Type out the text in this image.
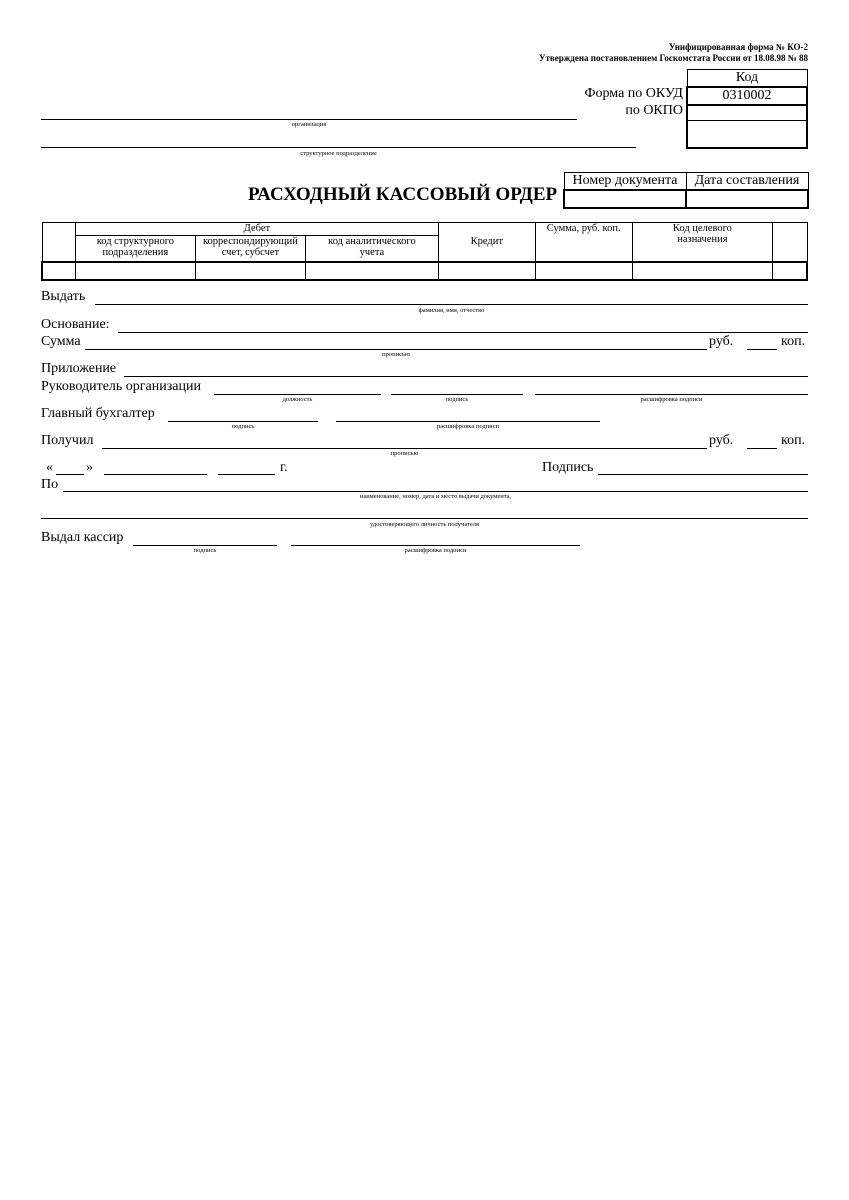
Унифицированная форма № КО-2
Утверждена постановлением Госкомстата России от 18.08.98 № 88
Форма по ОКУД
по ОКПО
Код
0310002

организация
структурное подразделение
РАСХОДНЫЙ КАССОВЫЙ ОРДЕР
Номер документа	Дата составления

	Дебет			Кредит	Сумма, руб. коп.	Код целевого назначения	
	код структурного подразделения	корреспондирующий счет, субсчет	код аналитического учета				

Выдать
фамилия, имя, отчество
Основание:
Сумма
прописью
руб.	коп.
Приложение
Руководитель организации
должность	подпись	расшифровка подписи
Главный бухгалтер
подпись	расшифровка подписи
Получил
прописью
руб.	коп.
« »	г.	Подпись
По
наименование, номер, дата и место выдачи документа,
удостоверяющего личность получателя
Выдал кассир
подпись	расшифровка подписи
